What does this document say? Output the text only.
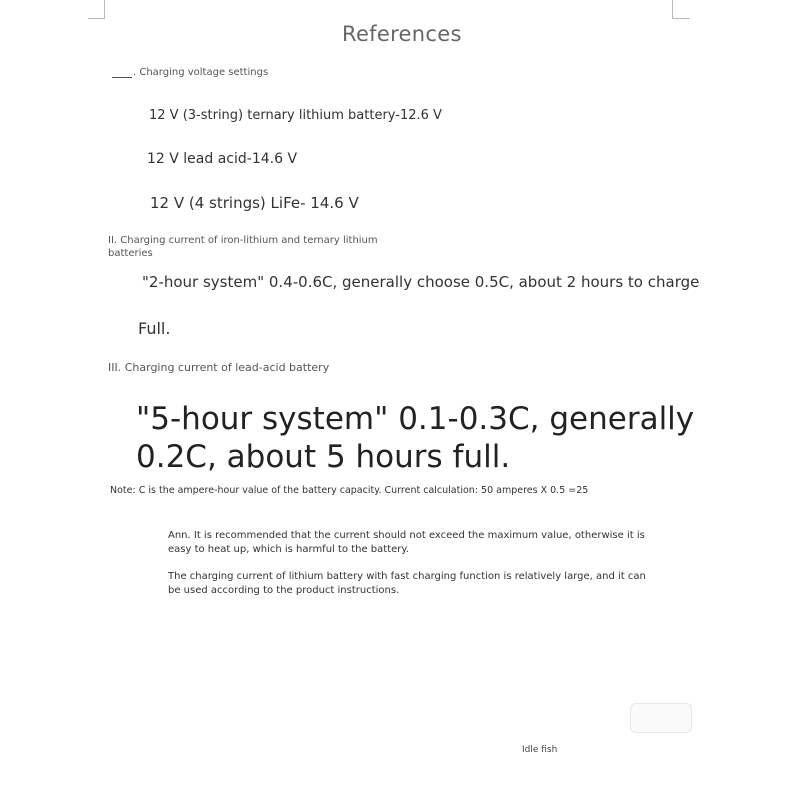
References
. Charging voltage settings
12 V (3-string) ternary lithium battery-12.6 V
12 V lead acid-14.6 V
12 V (4 strings) LiFe- 14.6 V
II. Charging current of iron-lithium and ternary lithium
batteries
"2-hour system" 0.4-0.6C, generally choose 0.5C, about 2 hours to charge
Full.
III. Charging current of lead-acid battery
"5-hour system" 0.1-0.3C, generally
0.2C, about 5 hours full.
Note: C is the ampere-hour value of the battery capacity. Current calculation: 50 amperes X 0.5 =25
Ann. It is recommended that the current should not exceed the maximum value, otherwise it is
easy to heat up, which is harmful to the battery.
The charging current of lithium battery with fast charging function is relatively large, and it can
be used according to the product instructions.
Idle fish
